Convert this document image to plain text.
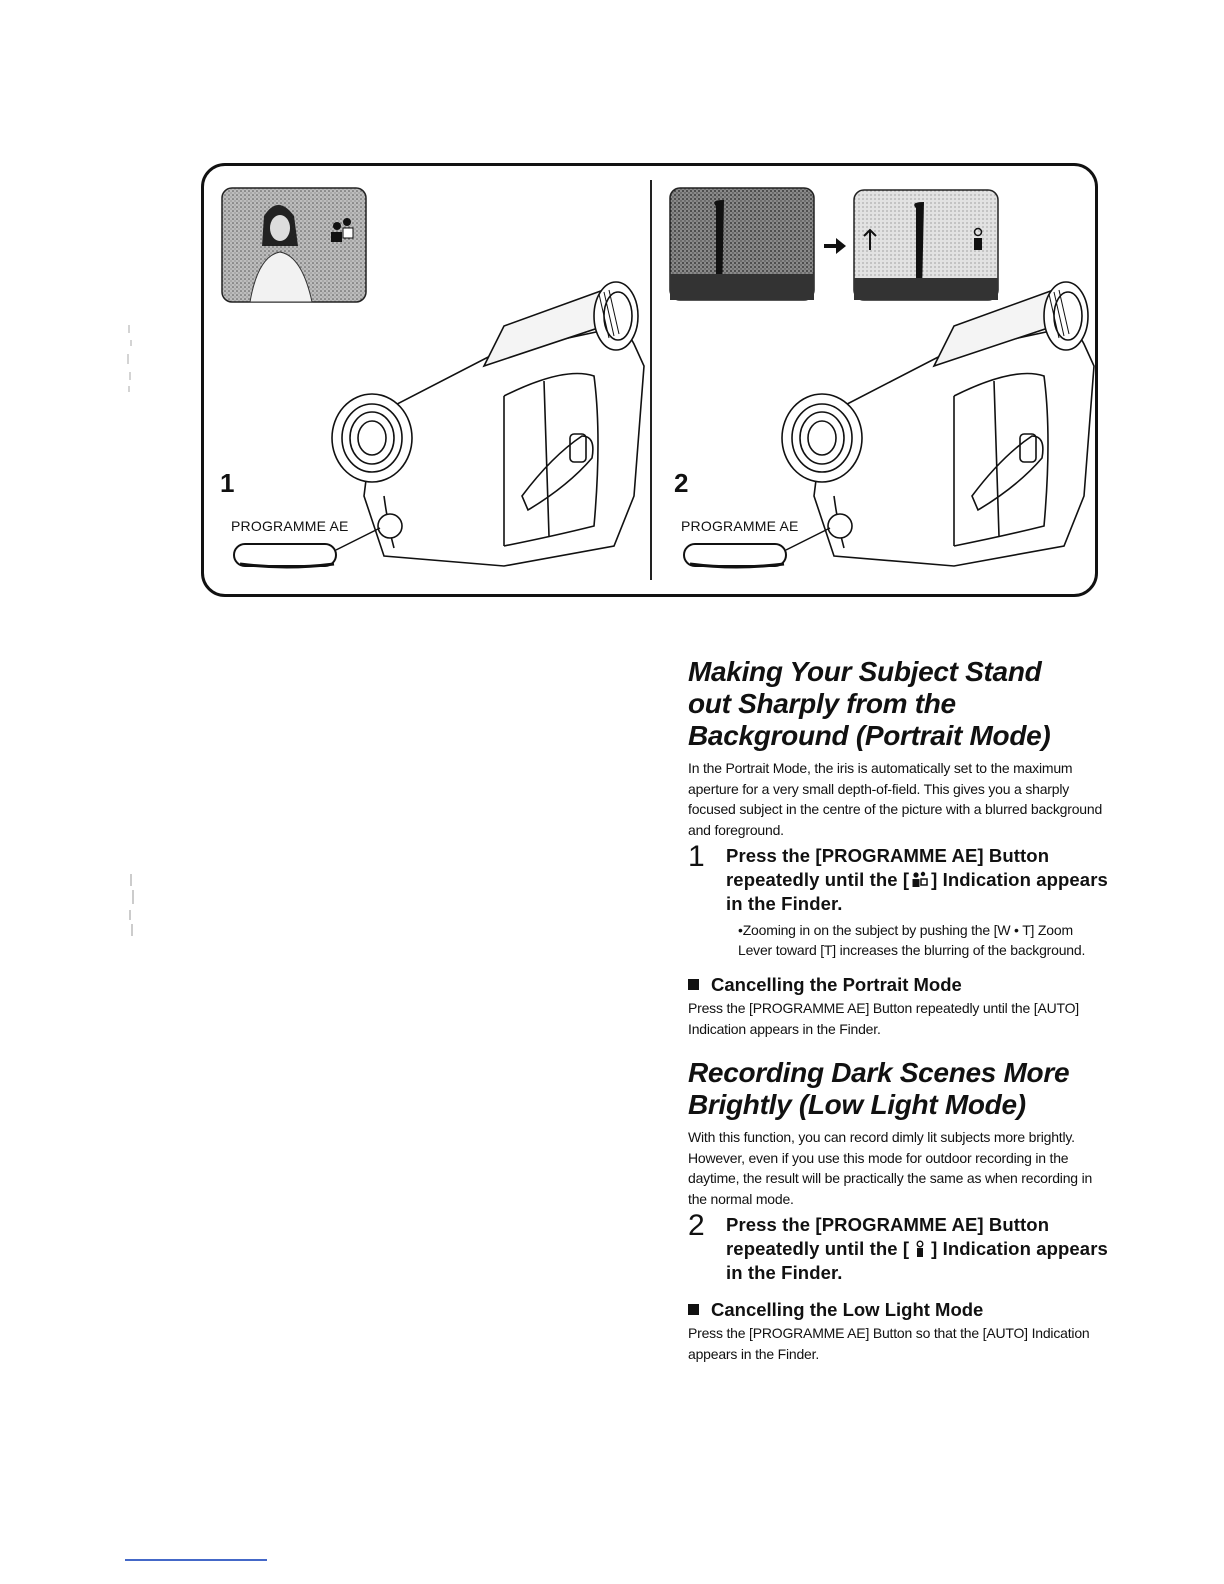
1
PROGRAMME AE
2
PROGRAMME AE
Making Your Subject Stand
out Sharply from the
Background (Portrait Mode)

In the Portrait Mode, the iris is automatically set to the maximum aperture for a very small depth-of-field. This gives you a sharply focused subject in the centre of the picture with a blurred background and foreground.

1 Press the [PROGRAMME AE] Button repeatedly until the [ ] Indication appears in the Finder.

•Zooming in on the subject by pushing the [W • T] Zoom Lever toward [T] increases the blurring of the background.

Cancelling the Portrait Mode

Press the [PROGRAMME AE] Button repeatedly until the [AUTO] Indication appears in the Finder.

Recording Dark Scenes More
Brightly (Low Light Mode)

With this function, you can record dimly lit subjects more brightly. However, even if you use this mode for outdoor recording in the daytime, the result will be practically the same as when recording in the normal mode.

2 Press the [PROGRAMME AE] Button repeatedly until the [ ] Indication appears in the Finder.
Cancelling the Low Light Mode

Press the [PROGRAMME AE] Button so that the [AUTO] Indication appears in the Finder.
